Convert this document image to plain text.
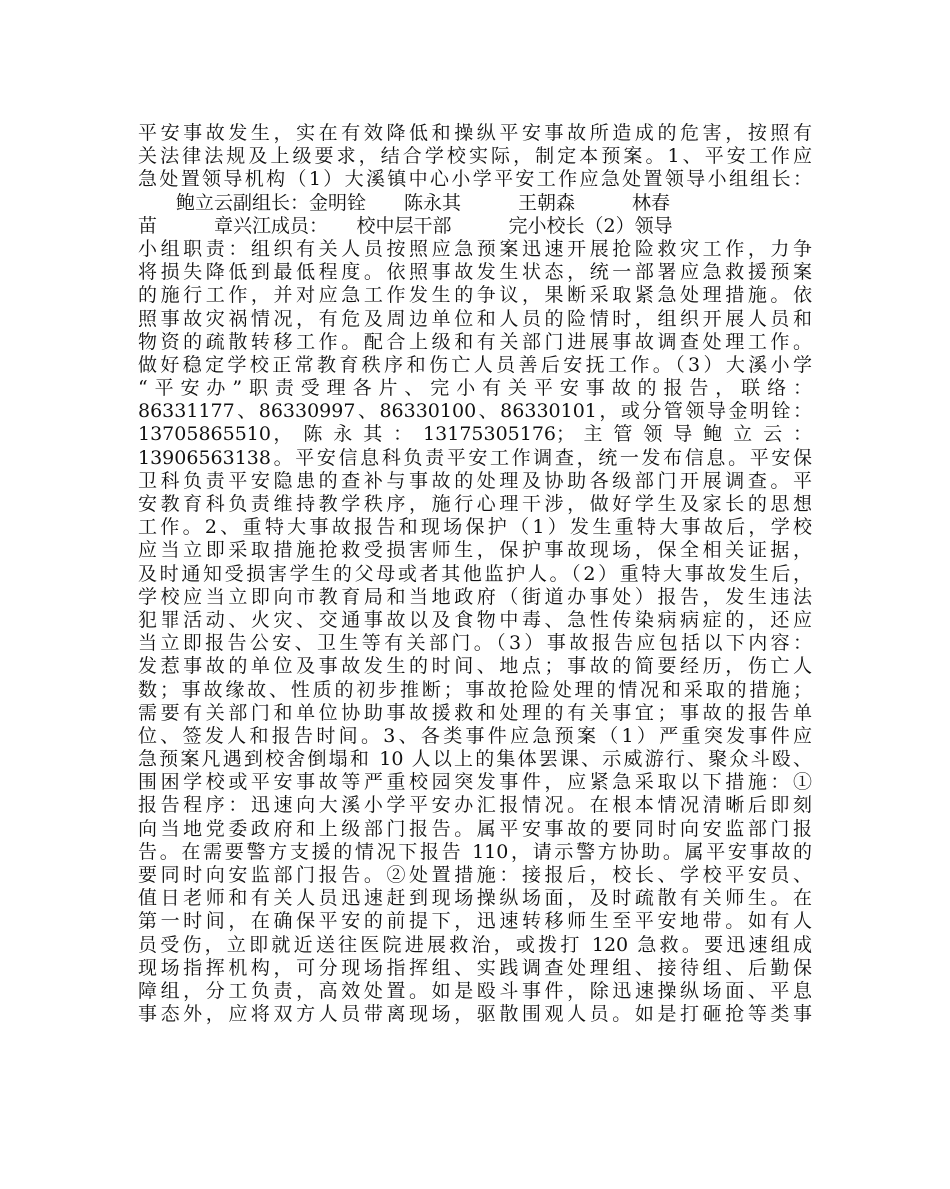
平安事故发生，实在有效降低和操纵平安事故所造成的危害，按照有
关法律法规及上级要求，结合学校实际，制定本预案。1、平安工作应
急处置领导机构（1）大溪镇中心小学平安工作应急处置领导小组组长：
鲍立云副组长：金明铨　　陈永其　　　王朝森　　　林春
苗　　　章兴江成员：　　校中层干部　　　完小校长（2）领导
小组职责：组织有关人员按照应急预案迅速开展抢险救灾工作，力争
将损失降低到最低程度。依照事故发生状态，统一部署应急救援预案
的施行工作，并对应急工作发生的争议，果断采取紧急处理措施。依
照事故灾祸情况，有危及周边单位和人员的险情时，组织开展人员和
物资的疏散转移工作。配合上级和有关部门进展事故调查处理工作。
做好稳定学校正常教育秩序和伤亡人员善后安抚工作。（3）大溪小学
“平安办”职责受理各片、完小有关平安事故的报告，联络：
86331177、86330997、86330100、86330101，或分管领导金明铨：
13705865510， 陈 永 其 ： 13175305176； 主 管 领 导 鲍 立 云 ：
13906563138。平安信息科负责平安工作调查，统一发布信息。平安保
卫科负责平安隐患的查补与事故的处理及协助各级部门开展调查。平
安教育科负责维持教学秩序，施行心理干涉，做好学生及家长的思想
工作。2、重特大事故报告和现场保护（1）发生重特大事故后，学校
应当立即采取措施抢救受损害师生，保护事故现场，保全相关证据，
及时通知受损害学生的父母或者其他监护人。（2）重特大事故发生后，
学校应当立即向市教育局和当地政府（街道办事处）报告，发生违法
犯罪活动、火灾、交通事故以及食物中毒、急性传染病病症的，还应
当立即报告公安、卫生等有关部门。（3）事故报告应包括以下内容：
发惹事故的单位及事故发生的时间、地点；事故的简要经历，伤亡人
数；事故缘故、性质的初步推断；事故抢险处理的情况和采取的措施；
需要有关部门和单位协助事故援救和处理的有关事宜；事故的报告单
位、签发人和报告时间。3、各类事件应急预案（1）严重突发事件应
急预案凡遇到校舍倒塌和 10 人以上的集体罢课、示威游行、聚众斗殴、
围困学校或平安事故等严重校园突发事件，应紧急采取以下措施：①
报告程序：迅速向大溪小学平安办汇报情况。在根本情况清晰后即刻
向当地党委政府和上级部门报告。属平安事故的要同时向安监部门报
告。在需要警方支援的情况下报告 110，请示警方协助。属平安事故的
要同时向安监部门报告。②处置措施：接报后，校长、学校平安员、
值日老师和有关人员迅速赶到现场操纵场面，及时疏散有关师生。在
第一时间，在确保平安的前提下，迅速转移师生至平安地带。如有人
员受伤，立即就近送往医院进展救治，或拨打 120 急救。要迅速组成
现场指挥机构，可分现场指挥组、实践调查处理组、接待组、后勤保
障组，分工负责，高效处置。如是殴斗事件，除迅速操纵场面、平息
事态外，应将双方人员带离现场，驱散围观人员。如是打砸抢等类事
